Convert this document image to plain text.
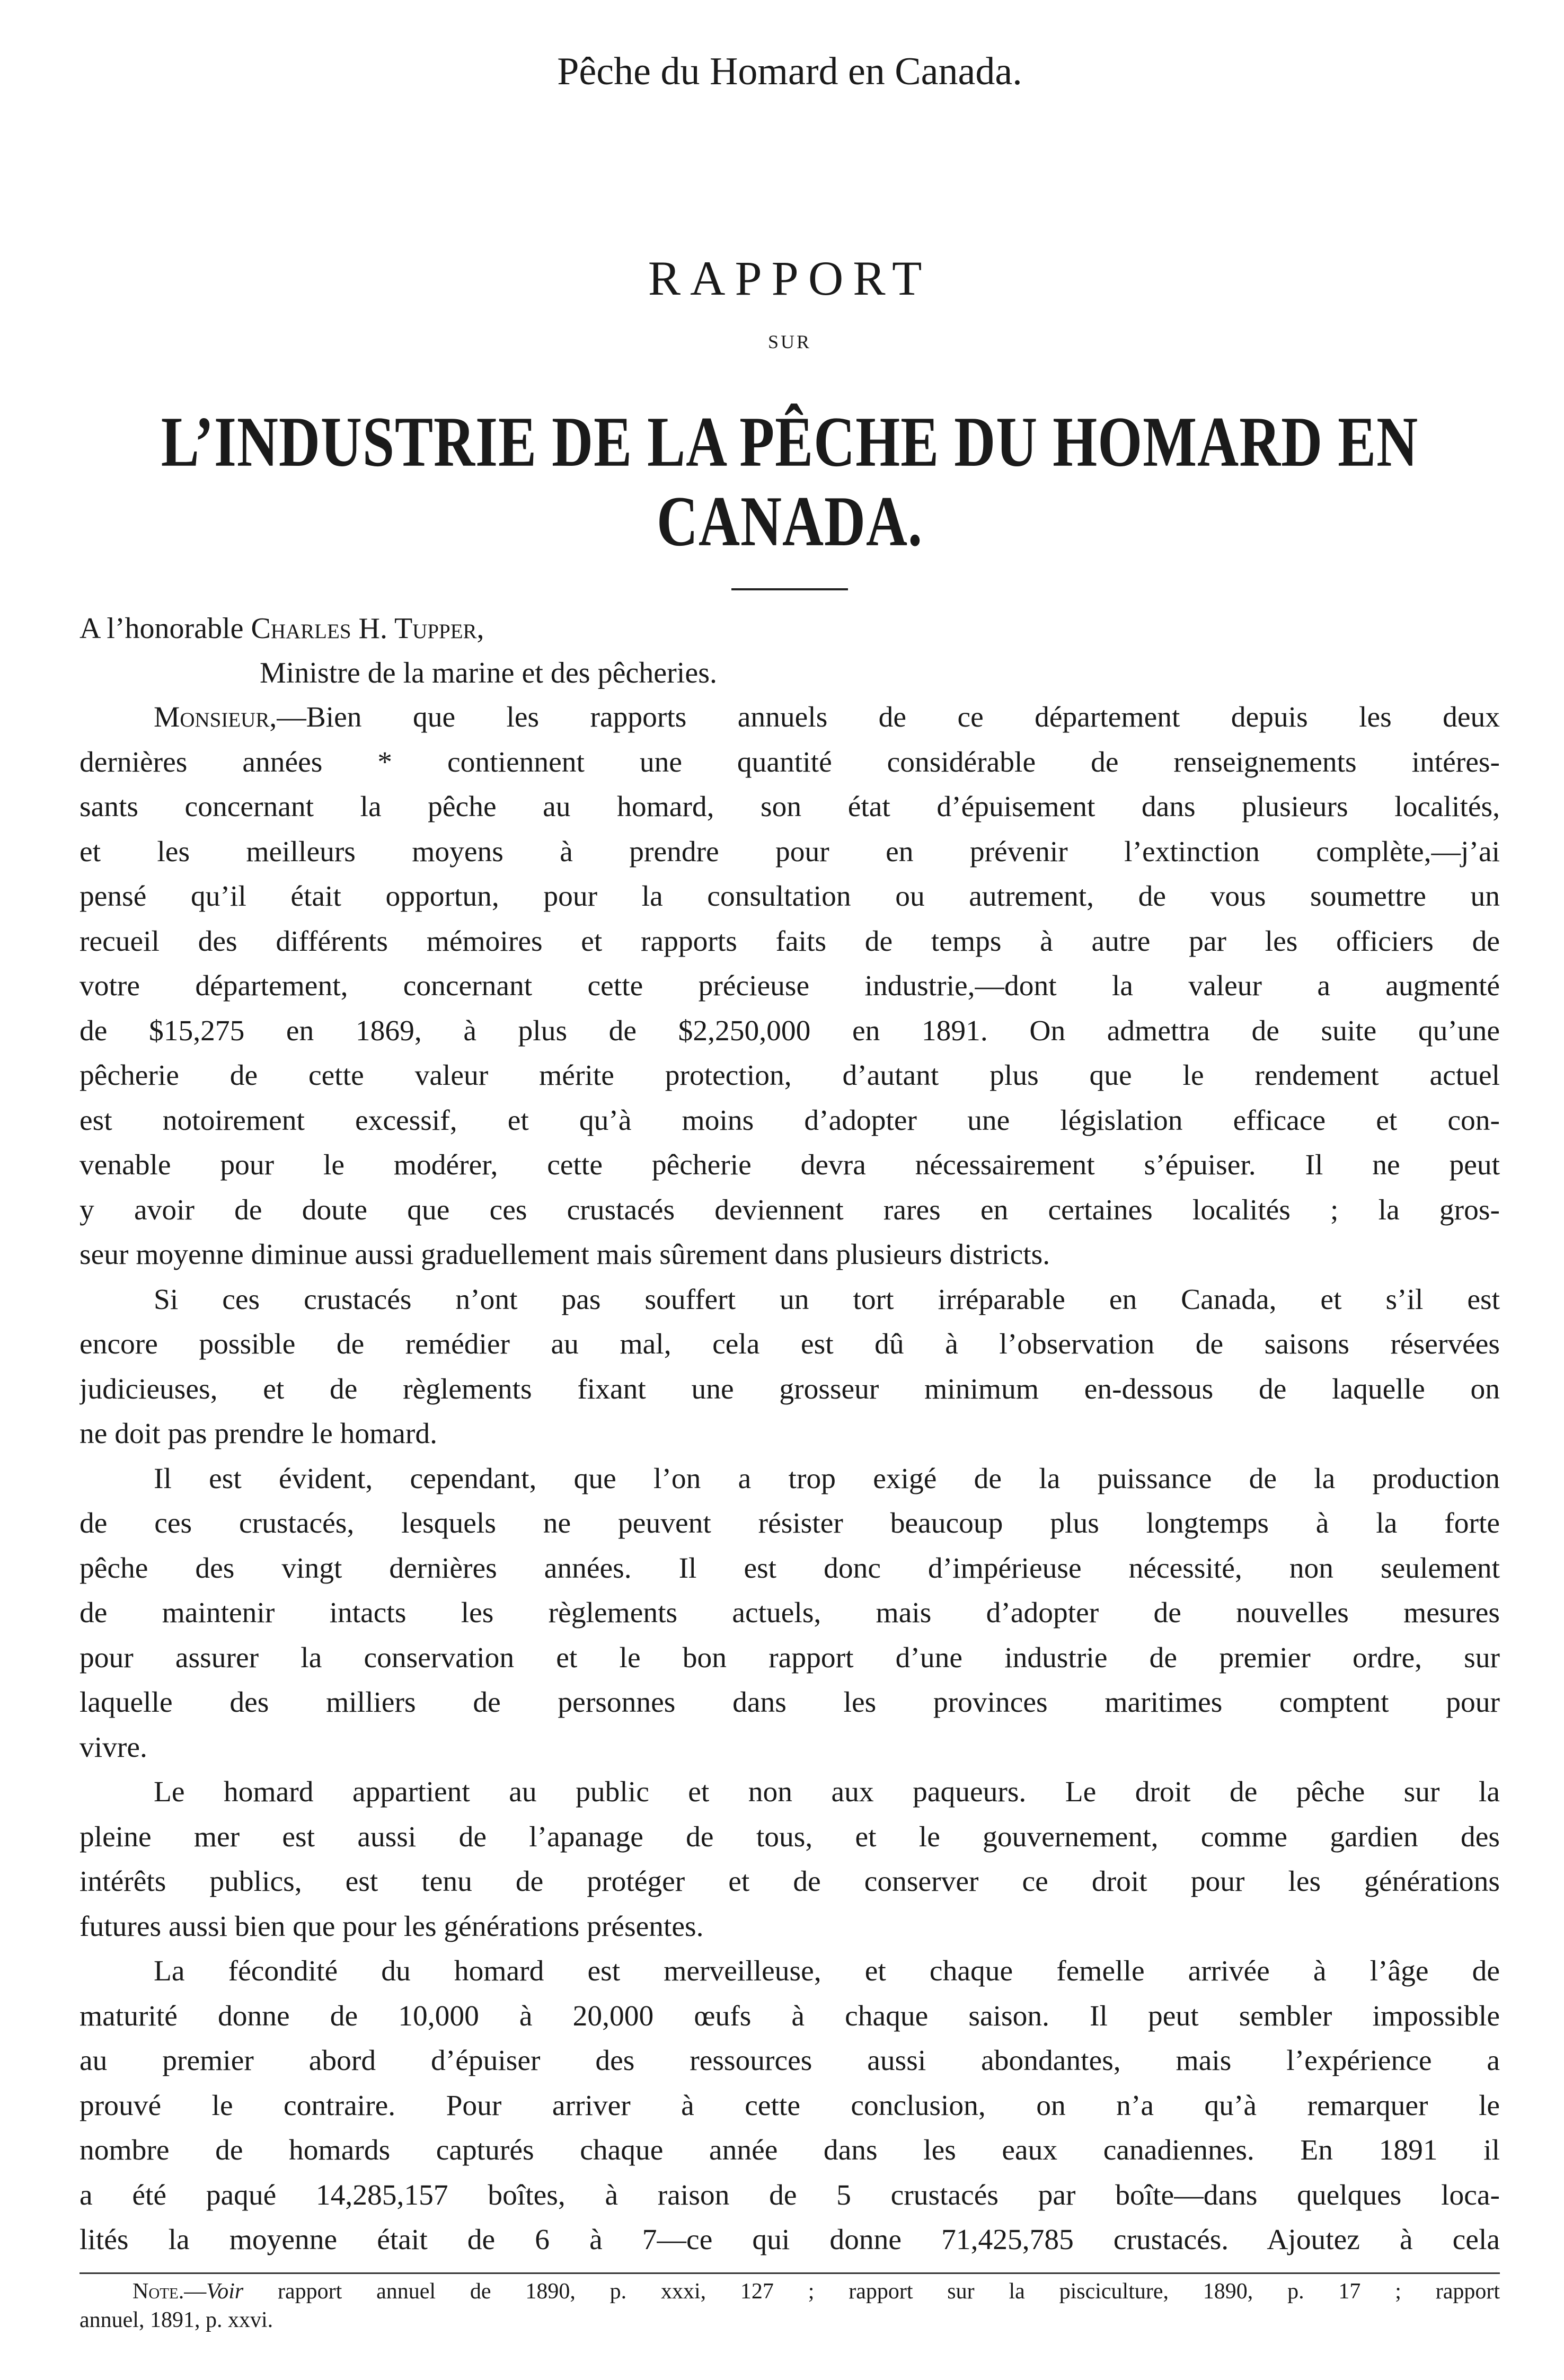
Pêche du Homard en Canada.
RAPPORT
SUR
L’INDUSTRIE DE LA PÊCHE DU HOMARD EN CANADA.
A l’honorable Charles H. Tupper,
Ministre de la marine et des pêcheries.
Monsieur,—Bien que les rapports annuels de ce département depuis les deux
dernières années * contiennent une quantité considérable de renseignements intéres-
sants concernant la pêche au homard, son état d’épuisement dans plusieurs localités,
et les meilleurs moyens à prendre pour en prévenir l’extinction complète,—j’ai
pensé qu’il était opportun, pour la consultation ou autrement, de vous soumettre un
recueil des différents mémoires et rapports faits de temps à autre par les officiers de
votre département, concernant cette précieuse industrie,—dont la valeur a augmenté
de $15,275 en 1869, à plus de $2,250,000 en 1891. On admettra de suite qu’une
pêcherie de cette valeur mérite protection, d’autant plus que le rendement actuel
est notoirement excessif, et qu’à moins d’adopter une législation efficace et con-
venable pour le modérer, cette pêcherie devra nécessairement s’épuiser. Il ne peut
y avoir de doute que ces crustacés deviennent rares en certaines localités ; la gros-
seur moyenne diminue aussi graduellement mais sûrement dans plusieurs districts.
Si ces crustacés n’ont pas souffert un tort irréparable en Canada, et s’il est
encore possible de remédier au mal, cela est dû à l’observation de saisons réservées
judicieuses, et de règlements fixant une grosseur minimum en-dessous de laquelle on
ne doit pas prendre le homard.
Il est évident, cependant, que l’on a trop exigé de la puissance de la production
de ces crustacés, lesquels ne peuvent résister beaucoup plus longtemps à la forte
pêche des vingt dernières années. Il est donc d’impérieuse nécessité, non seulement
de maintenir intacts les règlements actuels, mais d’adopter de nouvelles mesures
pour assurer la conservation et le bon rapport d’une industrie de premier ordre, sur
laquelle des milliers de personnes dans les provinces maritimes comptent pour
vivre.
Le homard appartient au public et non aux paqueurs. Le droit de pêche sur la
pleine mer est aussi de l’apanage de tous, et le gouvernement, comme gardien des
intérêts publics, est tenu de protéger et de conserver ce droit pour les générations
futures aussi bien que pour les générations présentes.
La fécondité du homard est merveilleuse, et chaque femelle arrivée à l’âge de
maturité donne de 10,000 à 20,000 œufs à chaque saison. Il peut sembler impossible
au premier abord d’épuiser des ressources aussi abondantes, mais l’expérience a
prouvé le contraire. Pour arriver à cette conclusion, on n’a qu’à remarquer le
nombre de homards capturés chaque année dans les eaux canadiennes. En 1891 il
a été paqué 14,285,157 boîtes, à raison de 5 crustacés par boîte—dans quelques loca-
lités la moyenne était de 6 à 7—ce qui donne 71,425,785 crustacés. Ajoutez à cela
Note.—Voir rapport annuel de 1890, p. xxxi, 127 ; rapport sur la pisciculture, 1890, p. 17 ; rapport
annuel, 1891, p. xxvi.
